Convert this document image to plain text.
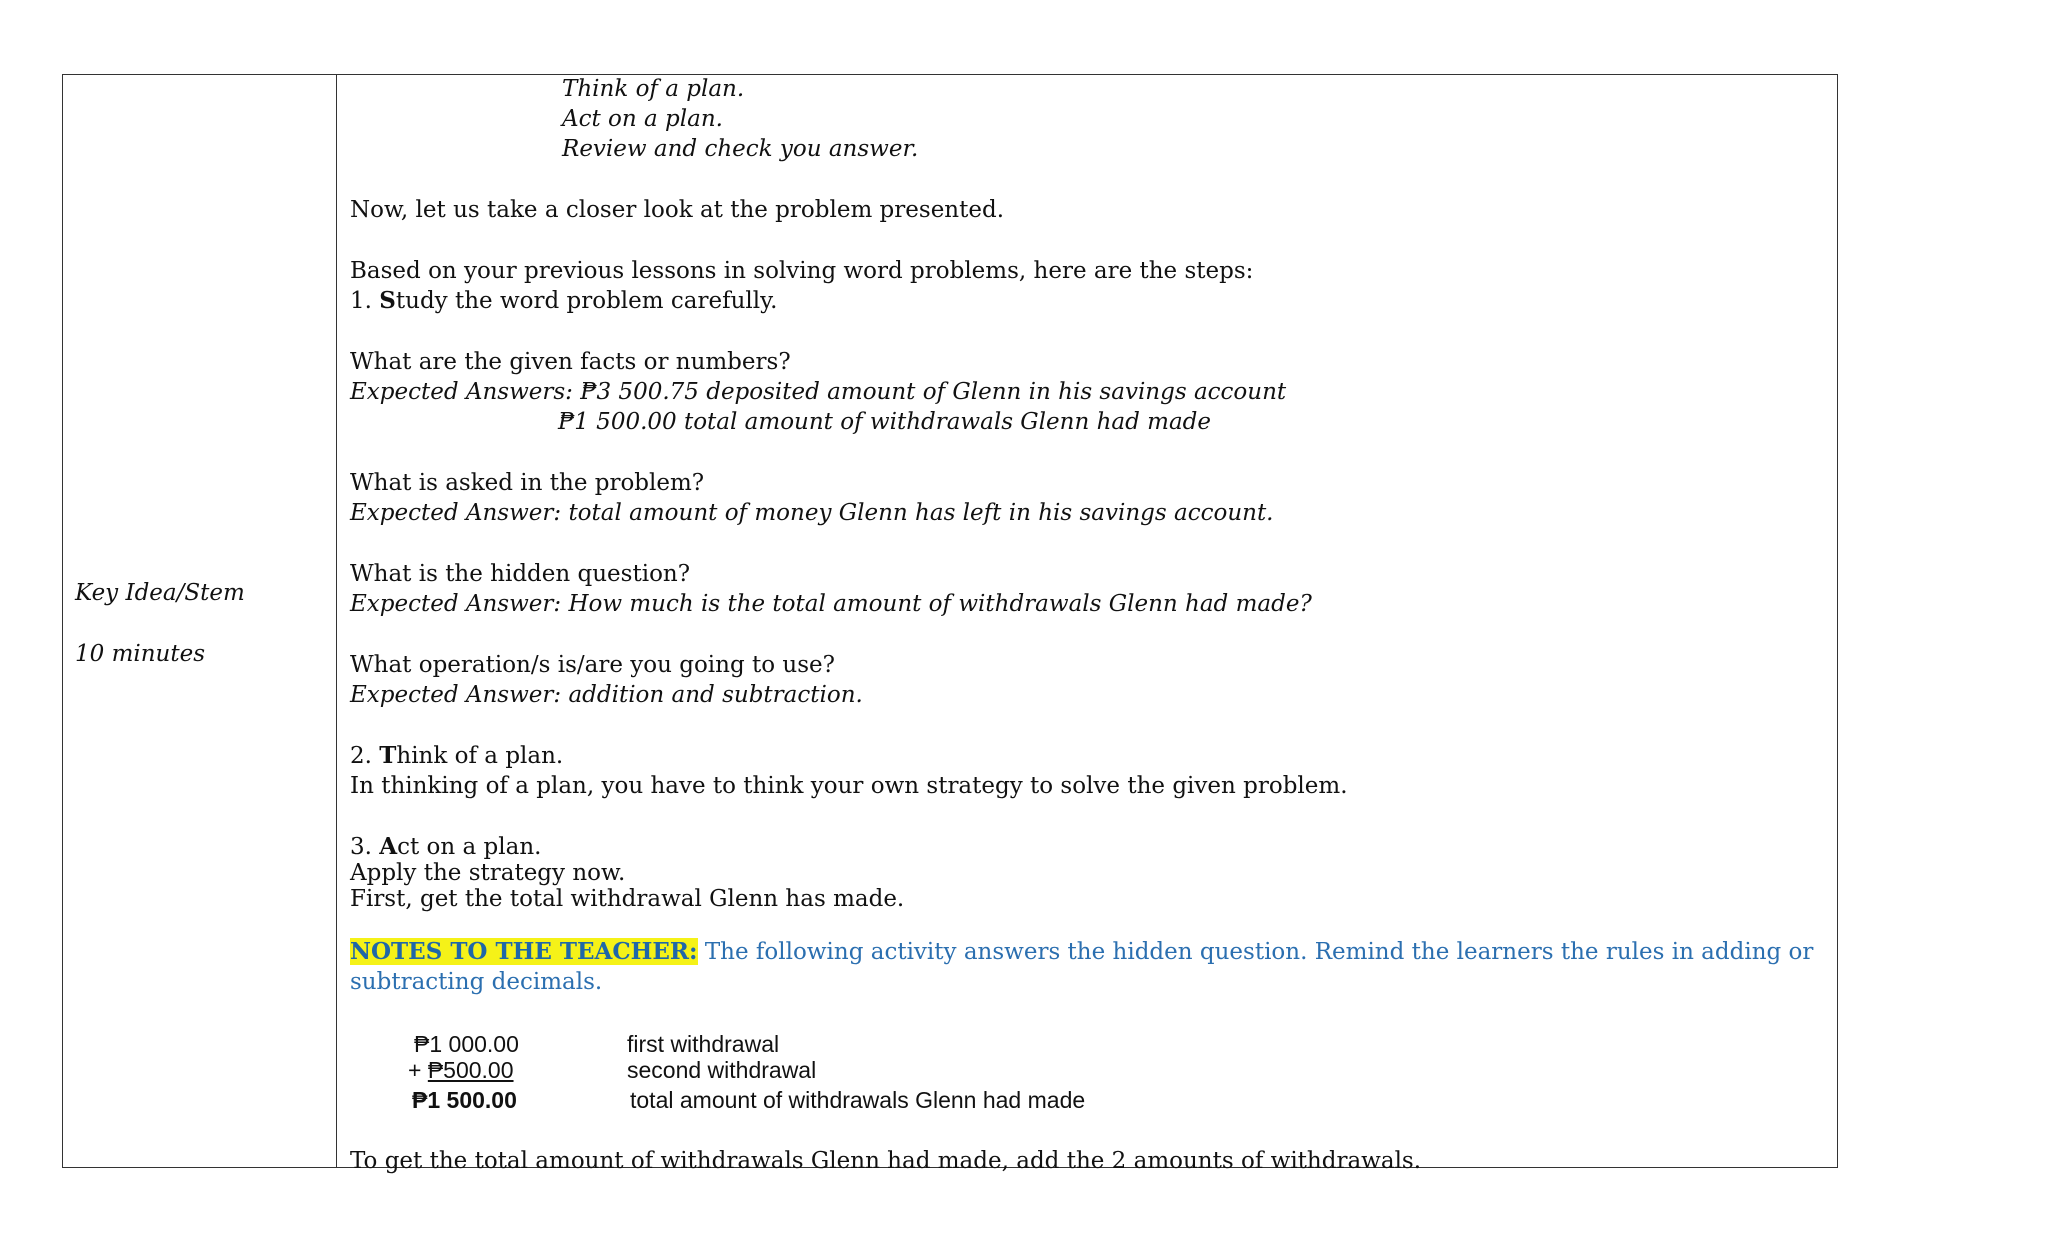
Key Idea/Stem
10 minutes
Think of a plan.
Act on a plan.
Review and check you answer.
Now, let us take a closer look at the problem presented.
Based on your previous lessons in solving word problems, here are the steps:
1. Study the word problem carefully.
What are the given facts or numbers?
Expected Answers: ₱3 500.75 deposited amount of Glenn in his savings account
₱1 500.00 total amount of withdrawals Glenn had made
What is asked in the problem?
Expected Answer: total amount of money Glenn has left in his savings account.
What is the hidden question?
Expected Answer: How much is the total amount of withdrawals Glenn had made?
What operation/s is/are you going to use?
Expected Answer: addition and subtraction.
2. Think of a plan.
In thinking of a plan, you have to think your own strategy to solve the given problem.
3. Act on a plan.
Apply the strategy now.
First, get the total withdrawal Glenn has made.
NOTES TO THE TEACHER: The following activity answers the hidden question. Remind the learners the rules in adding or
subtracting decimals.
₱1 000.00	first withdrawal
+ ₱500.00	second withdrawal
₱1 500.00	total amount of withdrawals Glenn had made
To get the total amount of withdrawals Glenn had made, add the 2 amounts of withdrawals.
